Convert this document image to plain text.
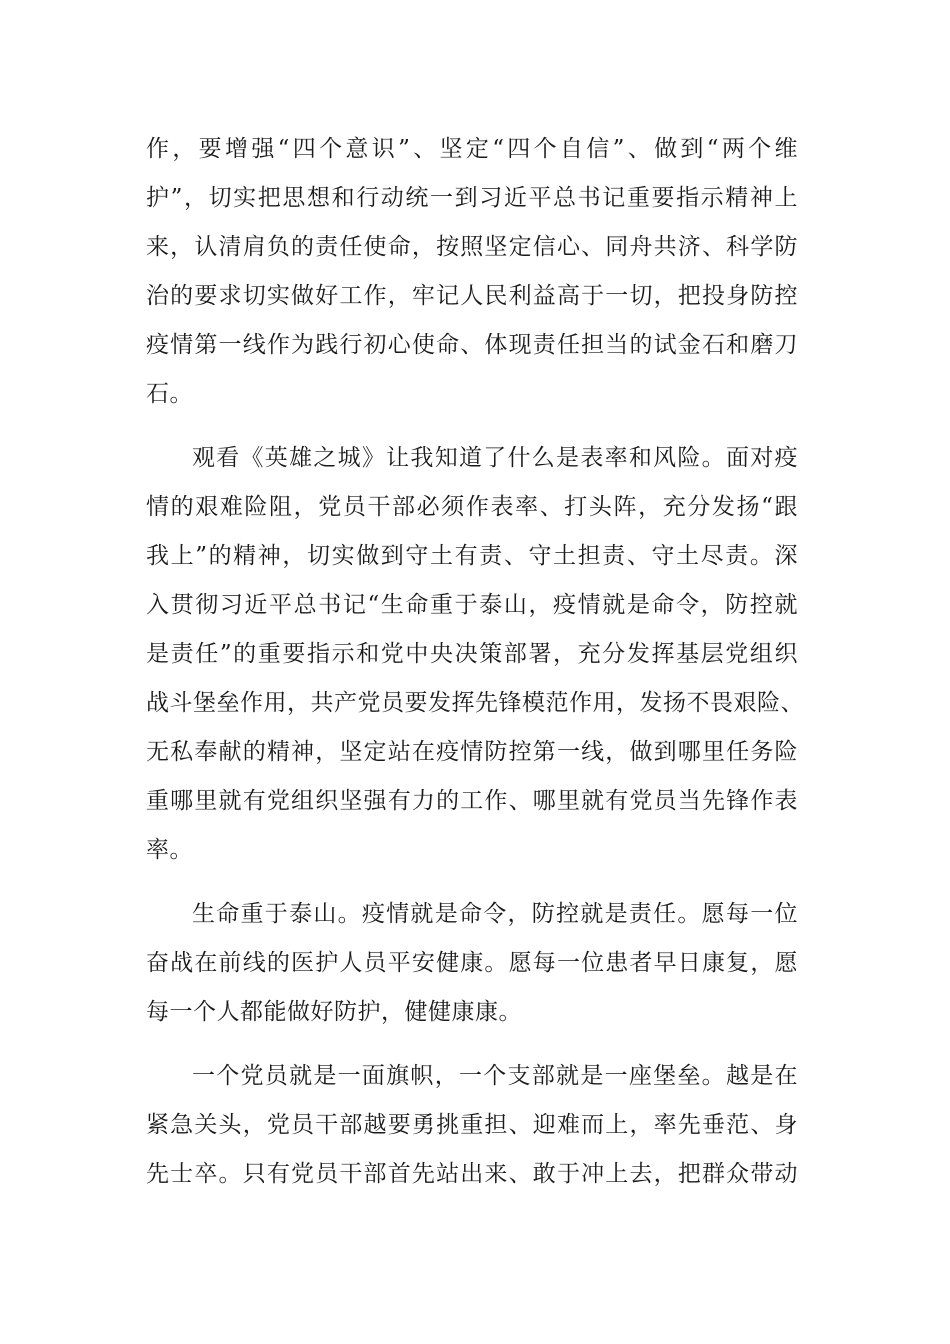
作，要增强“四个意识”、坚定“四个自信”、做到“两个维
护”，切实把思想和行动统一到习近平总书记重要指示精神上
来，认清肩负的责任使命，按照坚定信心、同舟共济、科学防
治的要求切实做好工作，牢记人民利益高于一切，把投身防控
疫情第一线作为践行初心使命、体现责任担当的试金石和磨刀
石。
观看《英雄之城》让我知道了什么是表率和风险。面对疫
情的艰难险阻，党员干部必须作表率、打头阵，充分发扬“跟
我上”的精神，切实做到守土有责、守土担责、守土尽责。深
入贯彻习近平总书记“生命重于泰山，疫情就是命令，防控就
是责任”的重要指示和党中央决策部署，充分发挥基层党组织
战斗堡垒作用，共产党员要发挥先锋模范作用，发扬不畏艰险、
无私奉献的精神，坚定站在疫情防控第一线，做到哪里任务险
重哪里就有党组织坚强有力的工作、哪里就有党员当先锋作表
率。
生命重于泰山。疫情就是命令，防控就是责任。愿每一位
奋战在前线的医护人员平安健康。愿每一位患者早日康复，愿
每一个人都能做好防护，健健康康。
一个党员就是一面旗帜，一个支部就是一座堡垒。越是在
紧急关头，党员干部越要勇挑重担、迎难而上，率先垂范、身
先士卒。只有党员干部首先站出来、敢于冲上去，把群众带动
